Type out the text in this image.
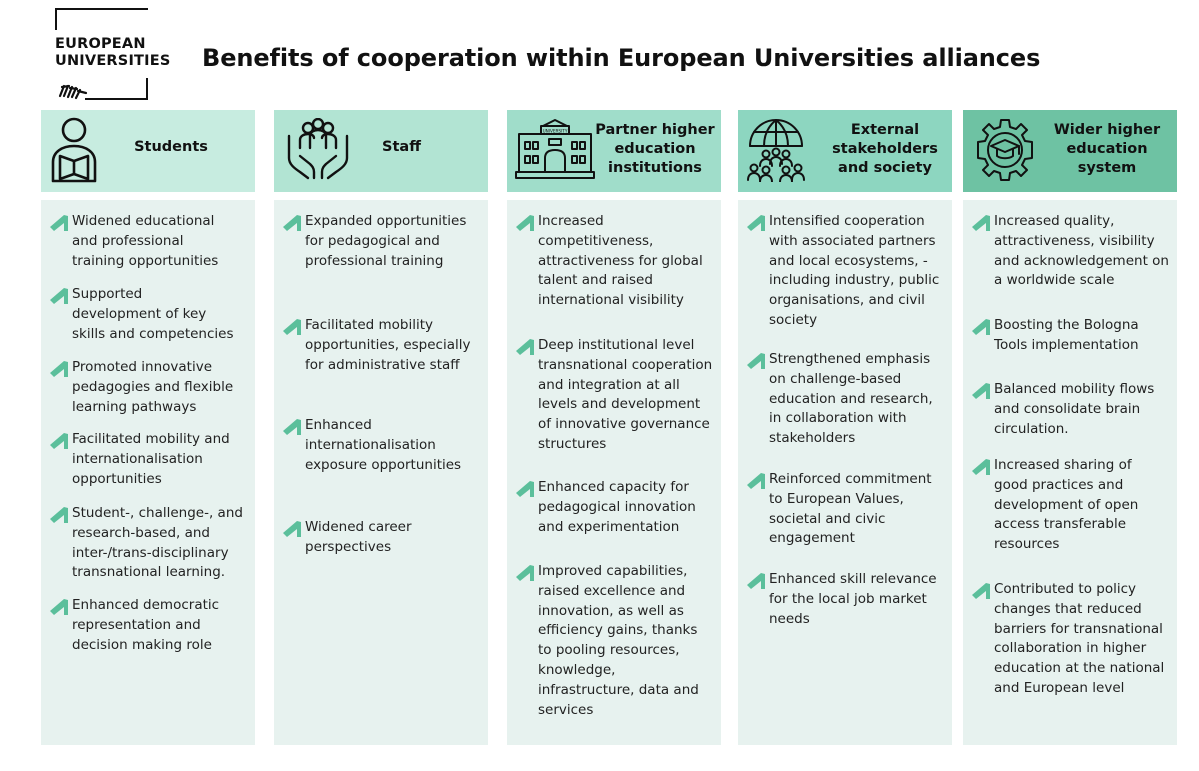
EUROPEAN
UNIVERSITIES Benefits of cooperation within European Universities alliances
Students
Widened educational
and professional
training opportunities
Supported
development of key
skills and competencies
Promoted innovative
pedagogies and flexible
learning pathways
Facilitated mobility and
internationalisation
opportunities
Student-, challenge-, and
research-based, and
inter-/trans-disciplinary
transnational learning.
Enhanced democratic
representation and
decision making role
Staff
Expanded opportunities
for pedagogical and
professional training
Facilitated mobility
opportunities, especially
for administrative staff
Enhanced
internationalisation
exposure opportunities
Widened career
perspectives
UNIVERSITY Partner higher
education
institutions
Increased
competitiveness,
attractiveness for global
talent and raised
international visibility
Deep institutional level
transnational cooperation
and integration at all
levels and development
of innovative governance
structures
Enhanced capacity for
pedagogical innovation
and experimentation
Improved capabilities,
raised excellence and
innovation, as well as
efficiency gains, thanks
to pooling resources,
knowledge,
infrastructure, data and
services
External
stakeholders
and society
Intensified cooperation
with associated partners
and local ecosystems, -
including industry, public
organisations, and civil
society
Strengthened emphasis
on challenge-based
education and research,
in collaboration with
stakeholders
Reinforced commitment
to European Values,
societal and civic
engagement
Enhanced skill relevance
for the local job market
needs
Wider higher
education
system
Increased quality,
attractiveness, visibility
and acknowledgement on
a worldwide scale
Boosting the Bologna
Tools implementation
Balanced mobility flows
and consolidate brain
circulation.
Increased sharing of
good practices and
development of open
access transferable
resources
Contributed to policy
changes that reduced
barriers for transnational
collaboration in higher
education at the national
and European level
